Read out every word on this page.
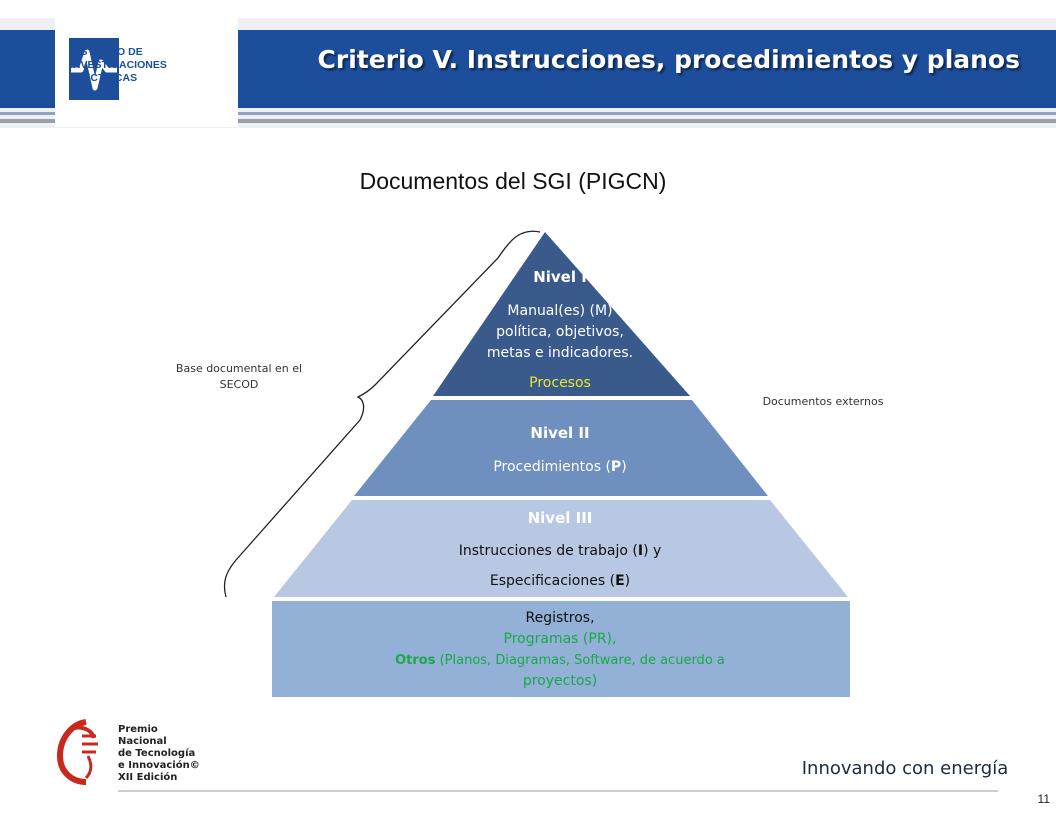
INSTITUTO DE
INVESTIGACIONES
ELECTRICAS
Criterio V. Instrucciones, procedimientos y planos
Documentos del SGI (PIGCN)
Base documental en el SECOD
Documentos externos
Nivel I
Manual(es) (M)
política, objetivos,
metas e indicadores.
Procesos
Nivel II
Procedimientos (P)
Nivel III
Instrucciones de trabajo (I) y
Especificaciones (E)
Registros,
Programas (PR),
Otros (Planos, Diagramas, Software, de acuerdo a
proyectos)
Premio
Nacional
de Tecnología
e Innovación©
XII Edición	Innovando con energía
11
